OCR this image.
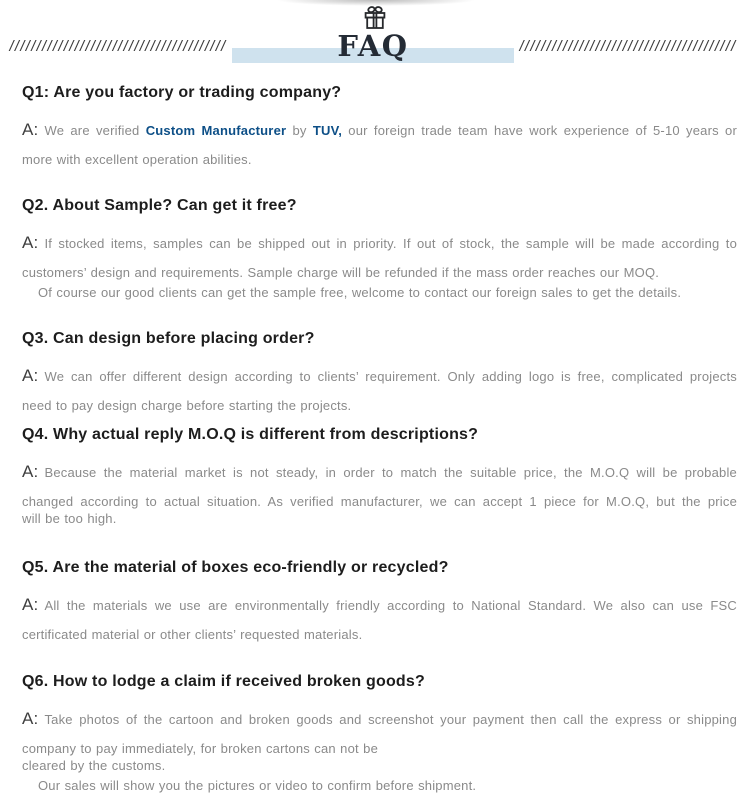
////////////////////////////////////////	////////////////////////////////////////
FAQ
Q1: Are you factory or trading company?
A: We are verified Custom Manufacturer by TUV, our foreign trade team have work experience of 5-10 years or
more with excellent operation abilities.
Q2. About Sample? Can get it free?
A: If stocked items, samples can be shipped out in priority. If out of stock, the sample will be made according to
customers’ design and requirements. Sample charge will be refunded if the mass order reaches our MOQ.
Of course our good clients can get the sample free, welcome to contact our foreign sales to get the details.
Q3. Can design before placing order?
A: We can offer different design according to clients’ requirement. Only adding logo is free, complicated projects
need to pay design charge before starting the projects.
Q4. Why actual reply M.O.Q is different from descriptions?
A: Because the material market is not steady, in order to match the suitable price, the M.O.Q will be probable
changed according to actual situation. As verified manufacturer, we can accept 1 piece for M.O.Q, but the price
will be too high.
Q5. Are the material of boxes eco-friendly or recycled?
A: All the materials we use are environmentally friendly according to National Standard. We also can use FSC
certificated material or other clients’ requested materials.
Q6. How to lodge a claim if received broken goods?
A: Take photos of the cartoon and broken goods and screenshot your payment then call the express or shipping
company to pay immediately, for broken cartons can not be
cleared by the customs.
Our sales will show you the pictures or video to confirm before shipment.
